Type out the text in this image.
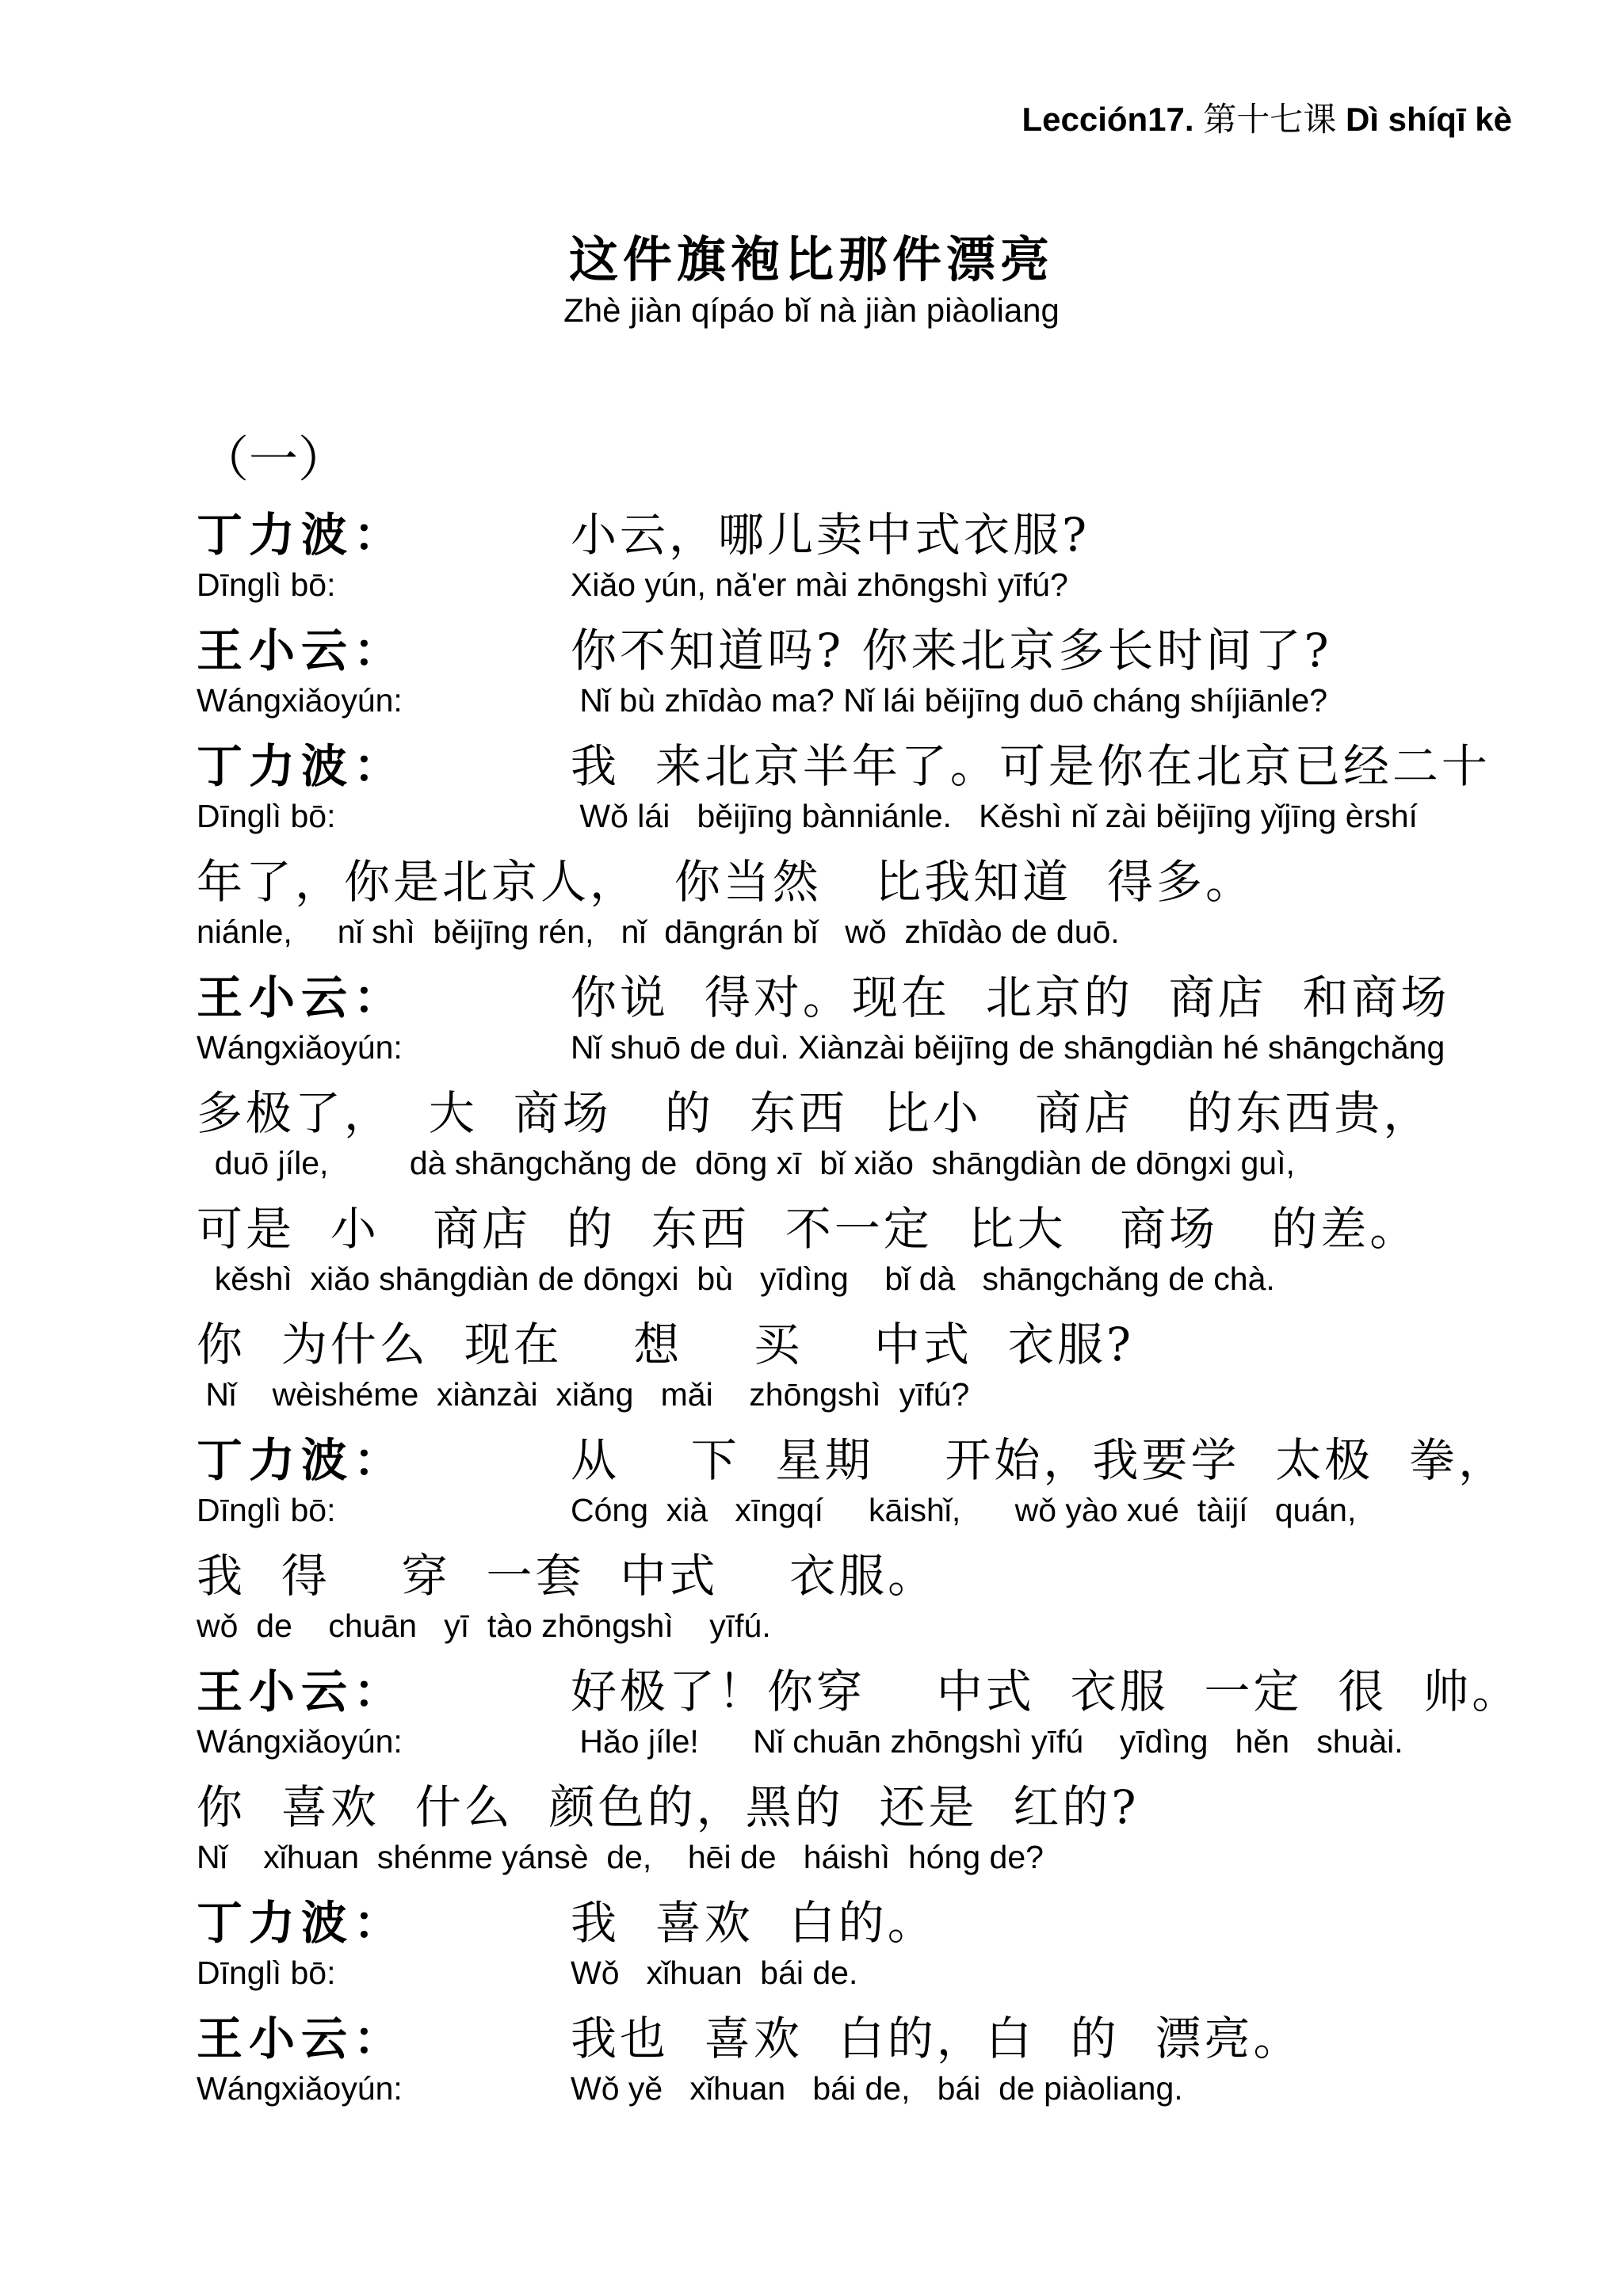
Lección17. 第十七课 Dì shíqī kè
这件旗袍比那件漂亮
Zhè jiàn qípáo bǐ nà jiàn piàoliang
（一）
丁力波：	小云，哪儿卖中式衣服?
Dīnglì bō:	Xiǎo yún, nǎ'er mài zhōngshì yīfú?
王小云：	你不知道吗? 你来北京多长时间了?
Wángxiǎoyún:	Nǐ bù zhīdào ma? Nǐ lái běijīng duō cháng shíjiānle?
丁力波：	我  来北京半年了。可是你在北京已经二十
Dīnglì bō:	Wǒ lái   běijīng bànniánle.   Kěshì nǐ zài běijīng yǐjīng èrshí
年了，你是北京人，  你当然   比我知道  得多。
niánle,     nǐ shì  běijīng rén,   nǐ  dāngrán bǐ   wǒ  zhīdào de duō.
王小云：	你说  得对。现在  北京的  商店  和商场
Wángxiǎoyún:	Nǐ shuō de duì. Xiànzài běijīng de shāngdiàn hé shāngchǎng
多极了，  大  商场   的  东西  比小   商店   的东西贵，
duō jíle,         dà shāngchǎng de  dōng xī  bǐ xiǎo  shāngdiàn de dōngxi guì,
可是  小   商店  的  东西  不一定  比大   商场   的差。
kěshì  xiǎo shāngdiàn de dōngxi  bù   yīdìng    bǐ dà   shāngchǎng de chà.
你  为什么  现在    想    买    中式  衣服?
Nǐ    wèishéme  xiànzài  xiǎng   mǎi    zhōngshì  yīfú?
丁力波：	从    下  星期    开始，我要学  太极  拳，
Dīnglì bō:	Cóng  xià   xīngqí     kāishǐ,      wǒ yào xué  tàijí   quán,
我  得    穿  一套  中式    衣服。
wǒ  de    chuān   yī  tào zhōngshì    yīfú.
王小云：	好极了！你穿    中式  衣服  一定  很  帅。
Wángxiǎoyún:	Hǎo jíle!      Nǐ chuān zhōngshì yīfú    yīdìng   hěn   shuài.
你  喜欢  什么  颜色的，黑的  还是  红的?
Nǐ    xǐhuan  shénme yánsè  de,    hēi de   háishì  hóng de?
丁力波：	我  喜欢  白的。
Dīnglì bō:	Wǒ   xǐhuan  bái de.
王小云：	我也  喜欢  白的，白  的  漂亮。
Wángxiǎoyún:	Wǒ yě   xǐhuan   bái de,   bái  de piàoliang.
